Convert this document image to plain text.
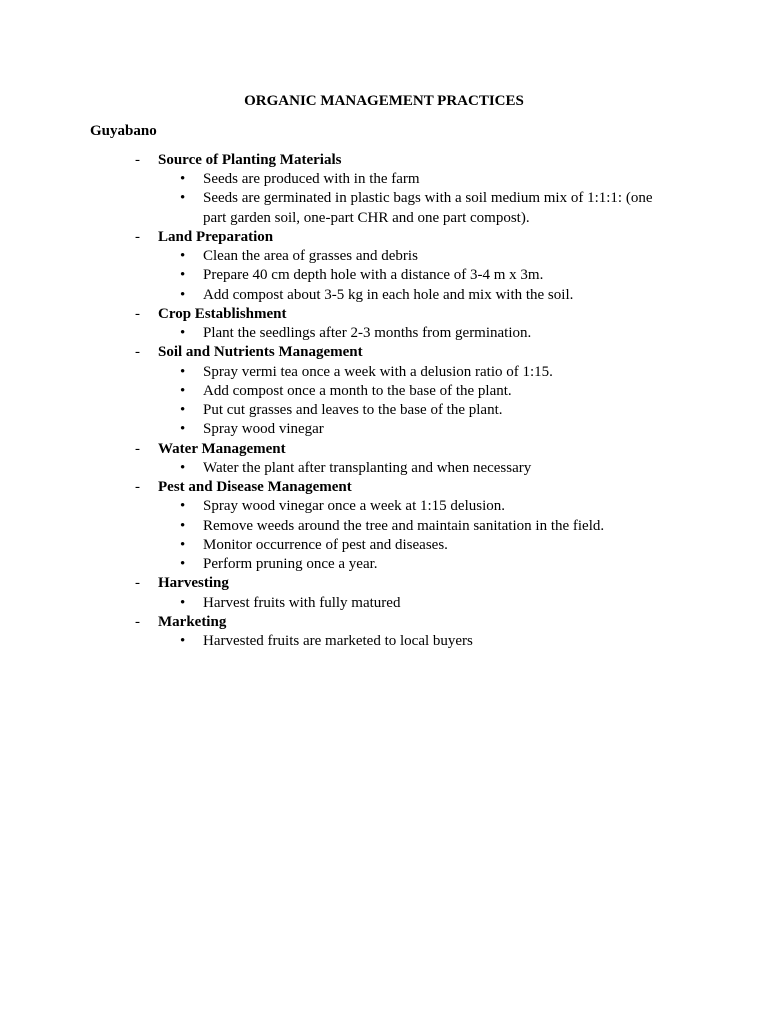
ORGANIC MANAGEMENT PRACTICES
Guyabano
- Source of Planting Materials
• Seeds are produced with in the farm
• Seeds are germinated in plastic bags with a soil medium mix of 1:1:1: (one part garden soil, one-part CHR and one part compost).
- Land Preparation
• Clean the area of grasses and debris
• Prepare 40 cm depth hole with a distance of 3-4 m x 3m.
• Add compost about 3-5 kg in each hole and mix with the soil.
- Crop Establishment
• Plant the seedlings after 2-3 months from germination.
- Soil and Nutrients Management
• Spray vermi tea once a week with a delusion ratio of 1:15.
• Add compost once a month to the base of the plant.
• Put cut grasses and leaves to the base of the plant.
• Spray wood vinegar
- Water Management
• Water the plant after transplanting and when necessary
- Pest and Disease Management
• Spray wood vinegar once a week at 1:15 delusion.
• Remove weeds around the tree and maintain sanitation in the field.
• Monitor occurrence of pest and diseases.
• Perform pruning once a year.
- Harvesting
• Harvest fruits with fully matured
- Marketing
• Harvested fruits are marketed to local buyers
